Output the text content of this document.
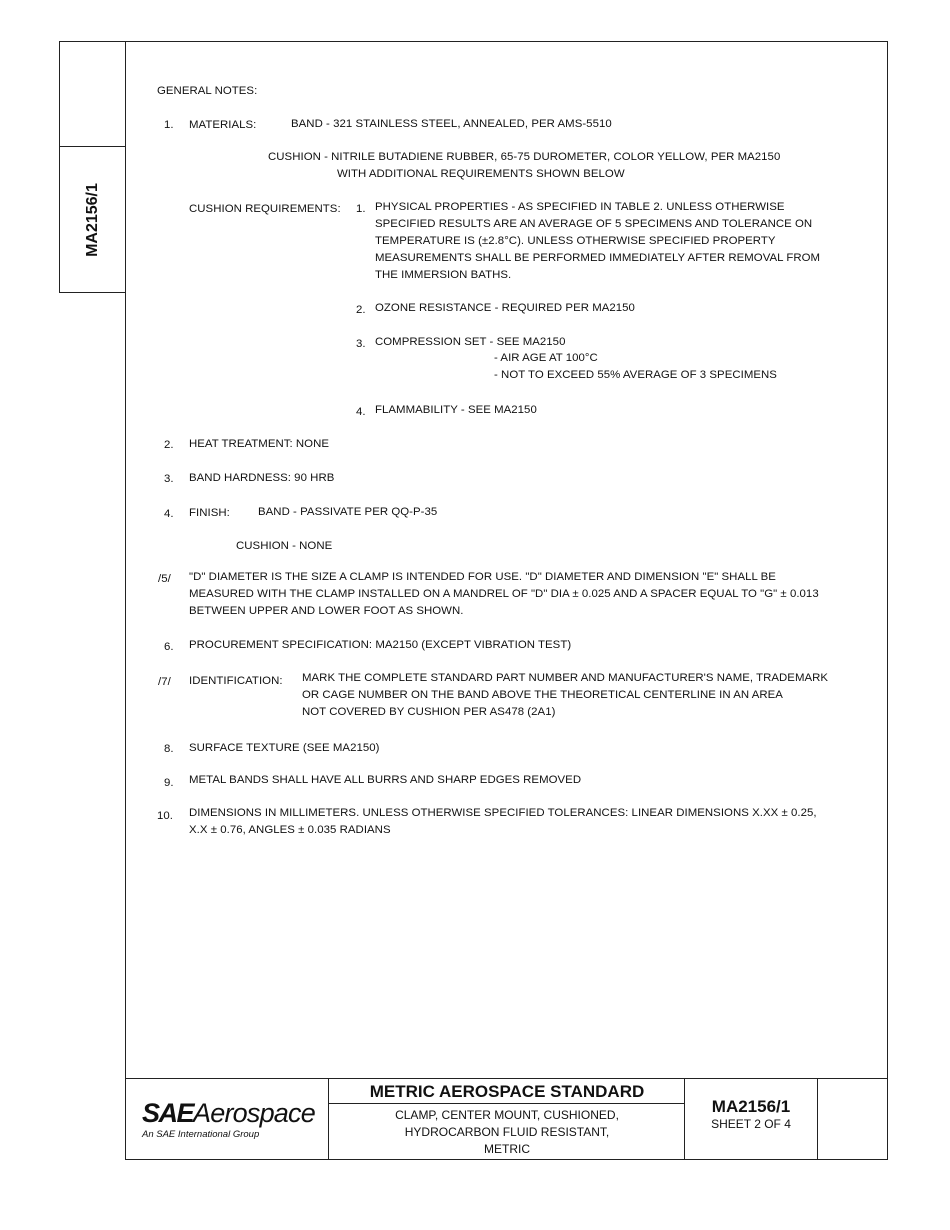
MA2156/1
GENERAL NOTES:
1. MATERIALS:	BAND - 321 STAINLESS STEEL, ANNEALED, PER AMS-5510
CUSHION - NITRILE BUTADIENE RUBBER, 65-75 DUROMETER, COLOR YELLOW, PER MA2150
WITH ADDITIONAL REQUIREMENTS SHOWN BELOW
CUSHION REQUIREMENTS: 1. PHYSICAL PROPERTIES - AS SPECIFIED IN TABLE 2. UNLESS OTHERWISE
SPECIFIED RESULTS ARE AN AVERAGE OF 5 SPECIMENS AND TOLERANCE ON
TEMPERATURE IS (±2.8°C). UNLESS OTHERWISE SPECIFIED PROPERTY
MEASUREMENTS SHALL BE PERFORMED IMMEDIATELY AFTER REMOVAL FROM
THE IMMERSION BATHS.
2. OZONE RESISTANCE - REQUIRED PER MA2150
3. COMPRESSION SET - SEE MA2150
- AIR AGE AT 100°C
- NOT TO EXCEED 55% AVERAGE OF 3 SPECIMENS
4. FLAMMABILITY - SEE MA2150
2. HEAT TREATMENT: NONE
3. BAND HARDNESS: 90 HRB
4. FINISH: BAND - PASSIVATE PER QQ-P-35
CUSHION - NONE
/5/ "D" DIAMETER IS THE SIZE A CLAMP IS INTENDED FOR USE. "D" DIAMETER AND DIMENSION "E" SHALL BE
MEASURED WITH THE CLAMP INSTALLED ON A MANDREL OF "D" DIA ± 0.025 AND A SPACER EQUAL TO "G" ± 0.013
BETWEEN UPPER AND LOWER FOOT AS SHOWN.
6. PROCUREMENT SPECIFICATION: MA2150 (EXCEPT VIBRATION TEST)
/7/ IDENTIFICATION: MARK THE COMPLETE STANDARD PART NUMBER AND MANUFACTURER'S NAME, TRADEMARK
OR CAGE NUMBER ON THE BAND ABOVE THE THEORETICAL CENTERLINE IN AN AREA
NOT COVERED BY CUSHION PER AS478 (2A1)
8. SURFACE TEXTURE (SEE MA2150)
9. METAL BANDS SHALL HAVE ALL BURRS AND SHARP EDGES REMOVED
10. DIMENSIONS IN MILLIMETERS. UNLESS OTHERWISE SPECIFIED TOLERANCES: LINEAR DIMENSIONS X.XX ± 0.25,
X.X ± 0.76, ANGLES ± 0.035 RADIANS
SAEAerospace
An SAE International Group
METRIC AEROSPACE STANDARD
CLAMP, CENTER MOUNT, CUSHIONED,
HYDROCARBON FLUID RESISTANT,
METRIC
MA2156/1
SHEET 2 OF 4
